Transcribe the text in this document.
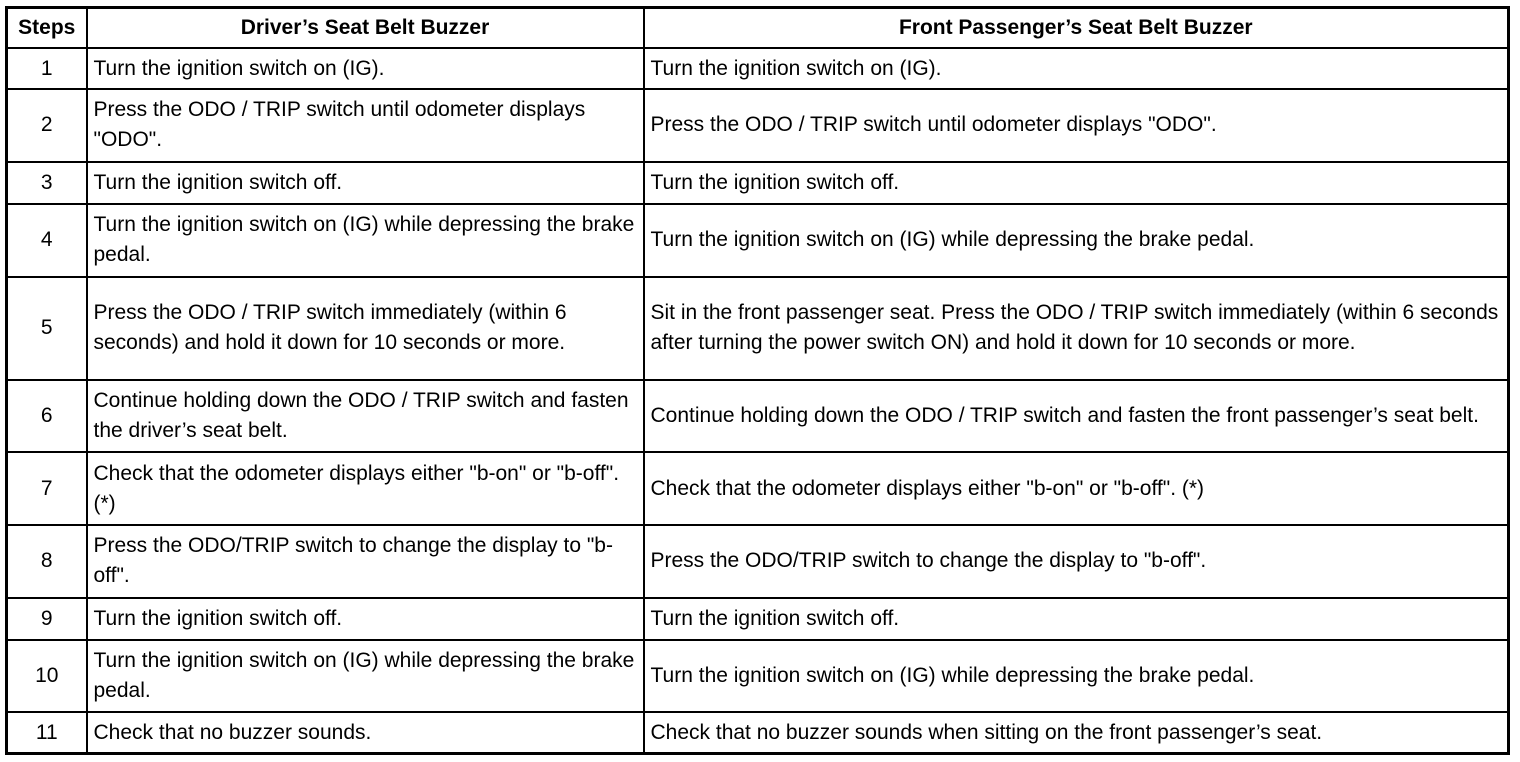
Steps	Driver’s Seat Belt Buzzer	Front Passenger’s Seat Belt Buzzer
1	Turn the ignition switch on (IG).	Turn the ignition switch on (IG).
2	Press the ODO / TRIP switch until odometer displays "ODO".	Press the ODO / TRIP switch until odometer displays "ODO".
3	Turn the ignition switch off.	Turn the ignition switch off.
4	Turn the ignition switch on (IG) while depressing the brake pedal.	Turn the ignition switch on (IG) while depressing the brake pedal.
5	Press the ODO / TRIP switch immediately (within 6 seconds) and hold it down for 10 seconds or more.	Sit in the front passenger seat. Press the ODO / TRIP switch immediately (within 6 seconds after turning the power switch ON) and hold it down for 10 seconds or more.
6	Continue holding down the ODO / TRIP switch and fasten the driver’s seat belt.	Continue holding down the ODO / TRIP switch and fasten the front passenger’s seat belt.
7	Check that the odometer displays either "b-on" or "b-off". (*)	Check that the odometer displays either "b-on" or "b-off". (*)
8	Press the ODO/TRIP switch to change the display to "b-off".	Press the ODO/TRIP switch to change the display to "b-off".
9	Turn the ignition switch off.	Turn the ignition switch off.
10	Turn the ignition switch on (IG) while depressing the brake pedal.	Turn the ignition switch on (IG) while depressing the brake pedal.
11	Check that no buzzer sounds.	Check that no buzzer sounds when sitting on the front passenger’s seat.
